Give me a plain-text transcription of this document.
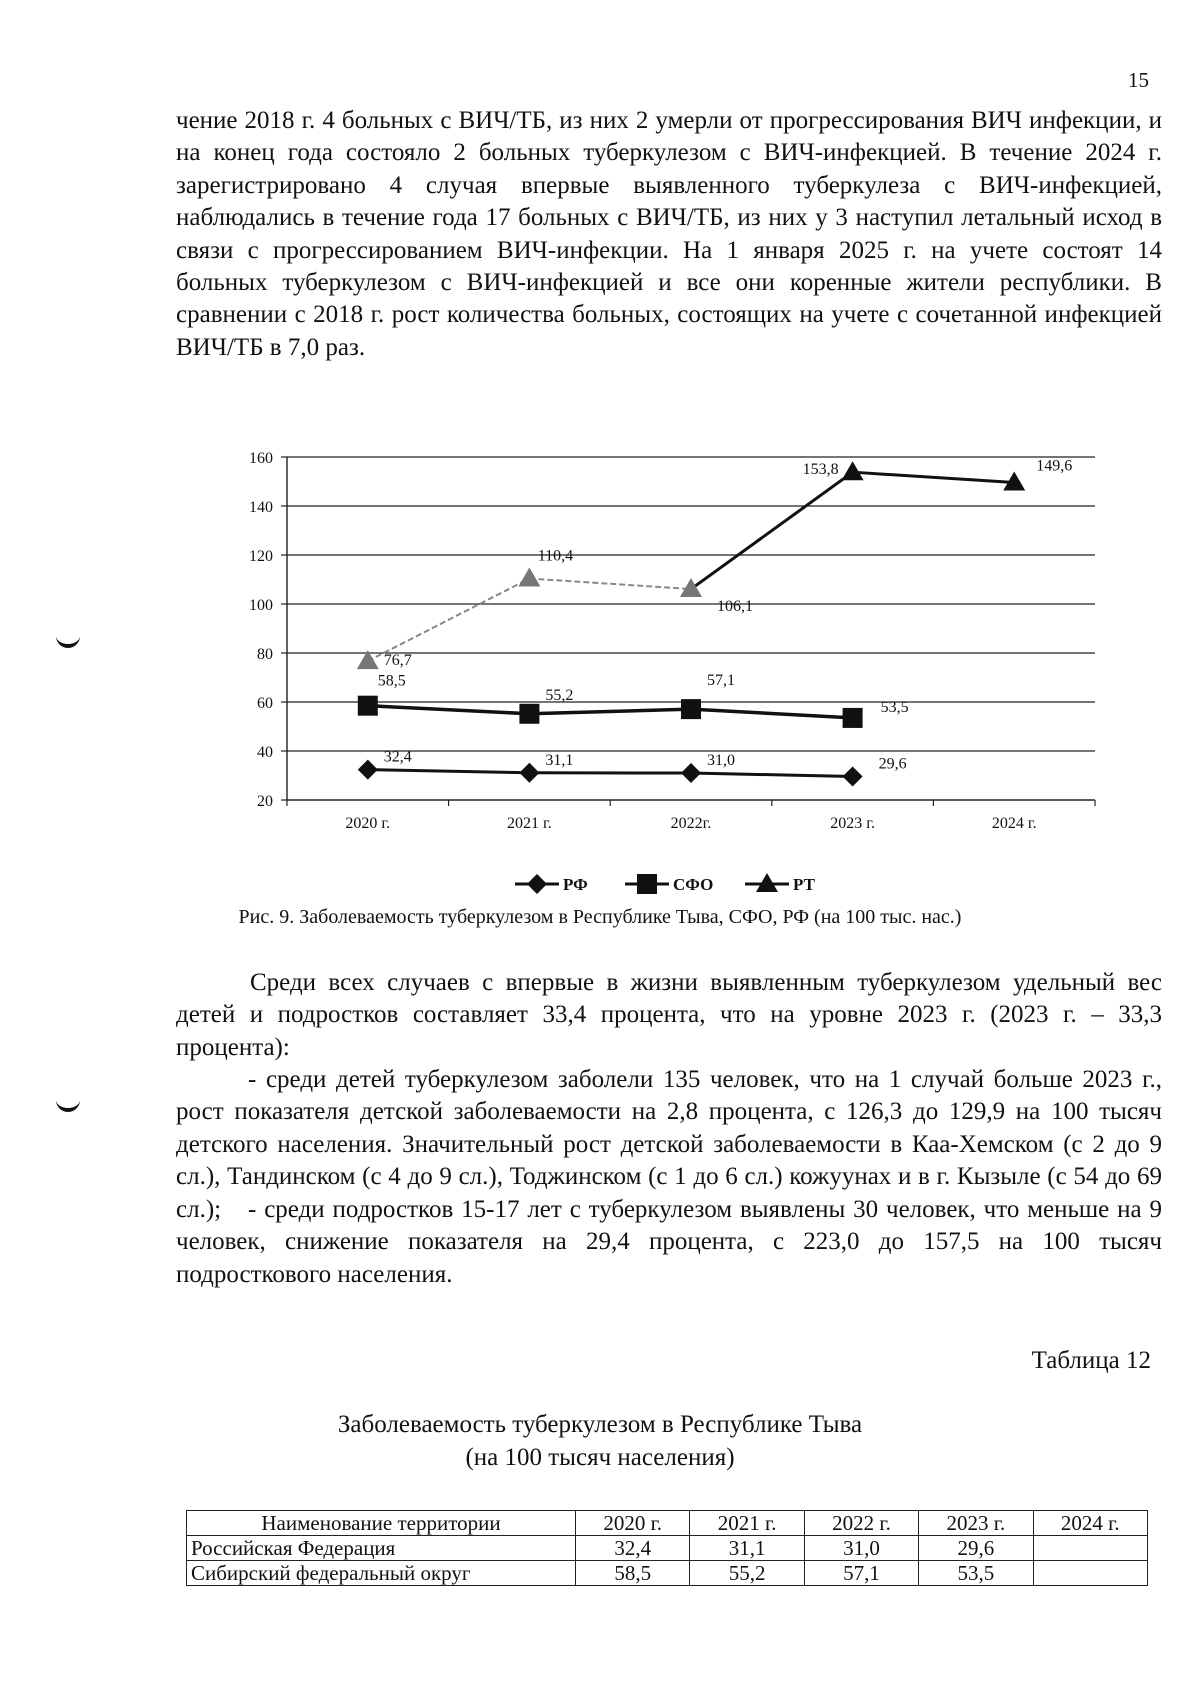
15

чение 2018 г. 4 больных с ВИЧ/ТБ, из них 2 умерли от прогрессирования ВИЧ инфекции, и на конец года состояло 2 больных туберкулезом с ВИЧ-инфекцией. В течение 2024 г. зарегистрировано 4 случая впервые выявленного туберкулеза с ВИЧ-инфекцией, наблюдались в течение года 17 больных с ВИЧ/ТБ, из них у 3 наступил летальный исход в связи с прогрессированием ВИЧ-инфекции. На 1 января 2025 г. на учете состоят 14 больных туберкулезом с ВИЧ-инфекцией и все они коренные жители республики. В сравнении с 2018 г. рост количества больных, состоящих на учете с сочетанной инфекцией ВИЧ/ТБ в 7,0 раз.

20
40
60
80
100
120
140
160
2020 г.	2021 г.	2022г.	2023 г.	2024 г.
32,4	31,1	31,0	29,6
58,5
55,2
57,1
53,5
76,7
110,4
106,1
153,8	149,6
РФ	СФО	РТ
Рис. 9. Заболеваемость туберкулезом в Республике Тыва, СФО, РФ (на 100 тыс. нас.)

Среди всех случаев с впервые в жизни выявленным туберкулезом удельный вес детей и подростков составляет 33,4 процента, что на уровне 2023 г. (2023 г. – 33,3 процента):

- среди детей туберкулезом заболели 135 человек, что на 1 случай больше 2023 г., рост показателя детской заболеваемости на 2,8 процента, с 126,3 до 129,9 на 100 тысяч детского населения. Значительный рост детской заболеваемости в Каа-Хемском (с 2 до 9 сл.), Тандинском (с 4 до 9 сл.), Тоджинском (с 1 до 6 сл.) кожуунах и в г. Кызыле (с 54 до 69 сл.);	- среди подростков 15-17 лет с туберкулезом выявлены 30 человек, что меньше на 9 человек, снижение показателя на 29,4 процента, с 223,0 до 157,5 на 100 тысяч подросткового населения.

Таблица 12
Заболеваемость туберкулезом в Республике Тыва
(на 100 тысяч населения)
Наименование территории	2020 г.	2021 г.	2022 г.	2023 г.	2024 г.
Российская Федерация	32,4	31,1	31,0	29,6	
Сибирский федеральный округ	58,5	55,2	57,1	53,5	
